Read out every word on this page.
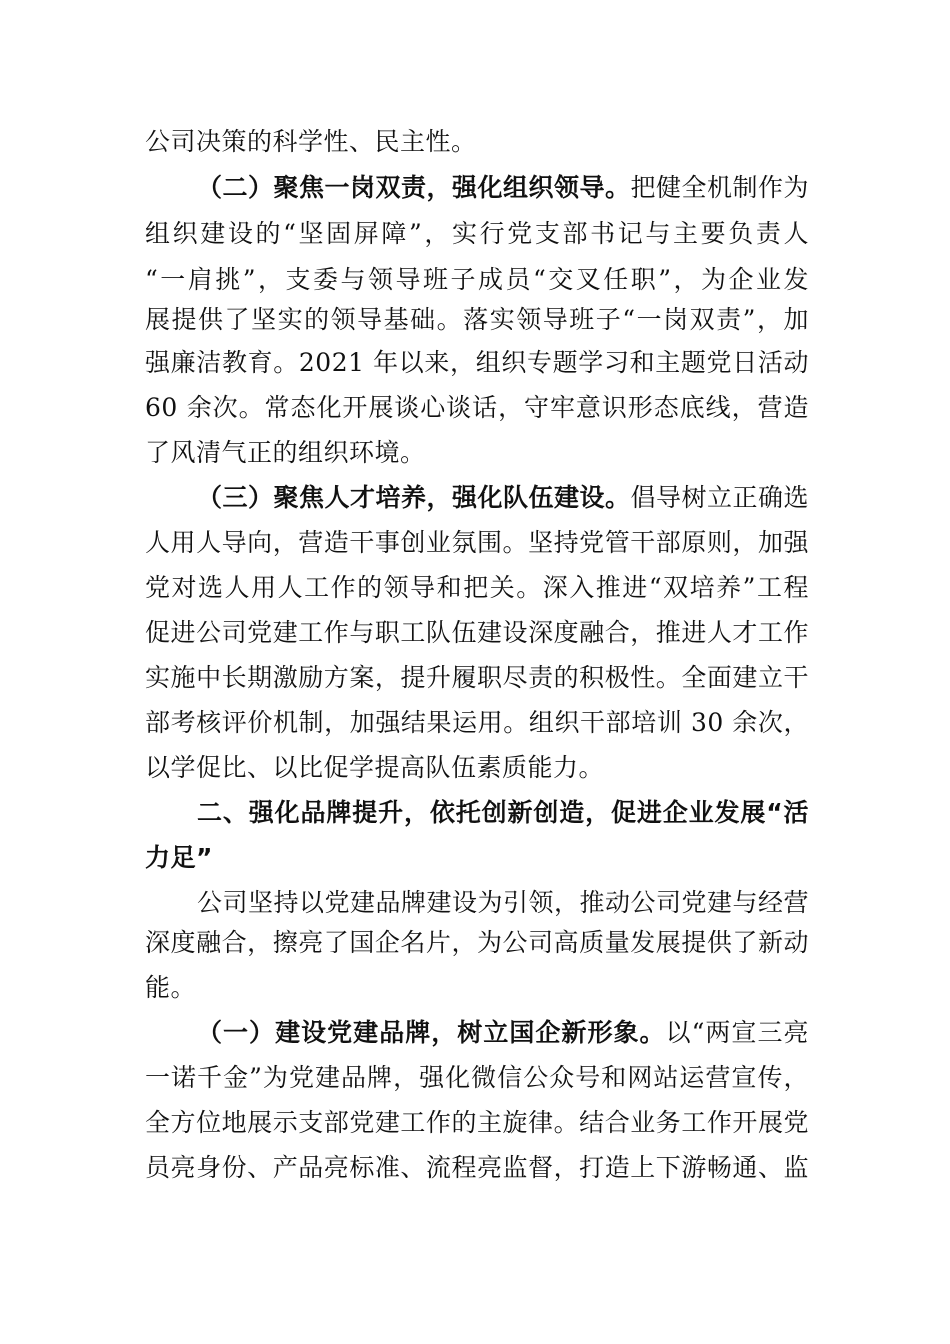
公司决策的科学性、民主性。
（二）聚焦一岗双责，强化组织领导。把健全机制作为
组织建设的“坚固屏障”，实行党支部书记与主要负责人
“一肩挑”，支委与领导班子成员“交叉任职”，为企业发
展提供了坚实的领导基础。落实领导班子“一岗双责”，加
强廉洁教育。2021 年以来，组织专题学习和主题党日活动
60 余次。常态化开展谈心谈话，守牢意识形态底线，营造
了风清气正的组织环境。
（三）聚焦人才培养，强化队伍建设。倡导树立正确选
人用人导向，营造干事创业氛围。坚持党管干部原则，加强
党对选人用人工作的领导和把关。深入推进“双培养”工程
促进公司党建工作与职工队伍建设深度融合，推进人才工作
实施中长期激励方案，提升履职尽责的积极性。全面建立干
部考核评价机制，加强结果运用。组织干部培训 30 余次，
以学促比、以比促学提高队伍素质能力。
二、强化品牌提升，依托创新创造，促进企业发展“活
力足”
公司坚持以党建品牌建设为引领，推动公司党建与经营
深度融合，擦亮了国企名片，为公司高质量发展提供了新动
能。
（一）建设党建品牌，树立国企新形象。以“两宣三亮
一诺千金”为党建品牌，强化微信公众号和网站运营宣传，
全方位地展示支部党建工作的主旋律。结合业务工作开展党
员亮身份、产品亮标准、流程亮监督，打造上下游畅通、监
